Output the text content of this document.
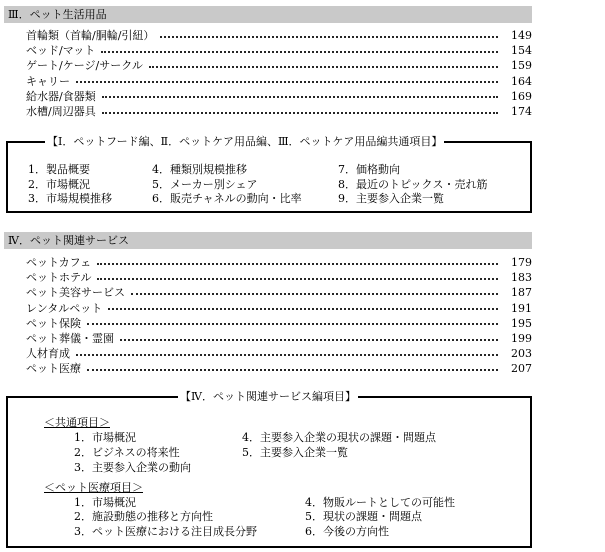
Ⅲ．ペット生活用品
首輪類（首輪/胴輪/引紐）	149
ベッド/マット	154
ゲート/ケージ/サークル	159
キャリー	164
給水器/食器類	169
水槽/周辺器具	174
【Ⅰ．ペットフード編、Ⅱ．ペットケア用品編、Ⅲ．ペットケア用品編共通項目】
1．製品概要
2．市場概況
3．市場規模推移
4．種類別規模推移
5．メーカー別シェア
6．販売チャネルの動向・比率
7．価格動向
8．最近のトピックス・売れ筋
9．主要参入企業一覧
Ⅳ．ペット関連サービス
ペットカフェ	179
ペットホテル	183
ペット美容サービス	187
レンタルペット	191
ペット保険	195
ペット葬儀・霊園	199
人材育成	203
ペット医療	207
【Ⅳ．ペット関連サービス編項目】
＜共通項目＞
1．市場概況
2．ビジネスの将来性
3．主要参入企業の動向
4．主要参入企業の現状の課題・問題点
5．主要参入企業一覧
＜ペット医療項目＞
1．市場概況
2．施設動態の推移と方向性
3．ペット医療における注目成長分野
4．物販ルートとしての可能性
5．現状の課題・問題点
6．今後の方向性
